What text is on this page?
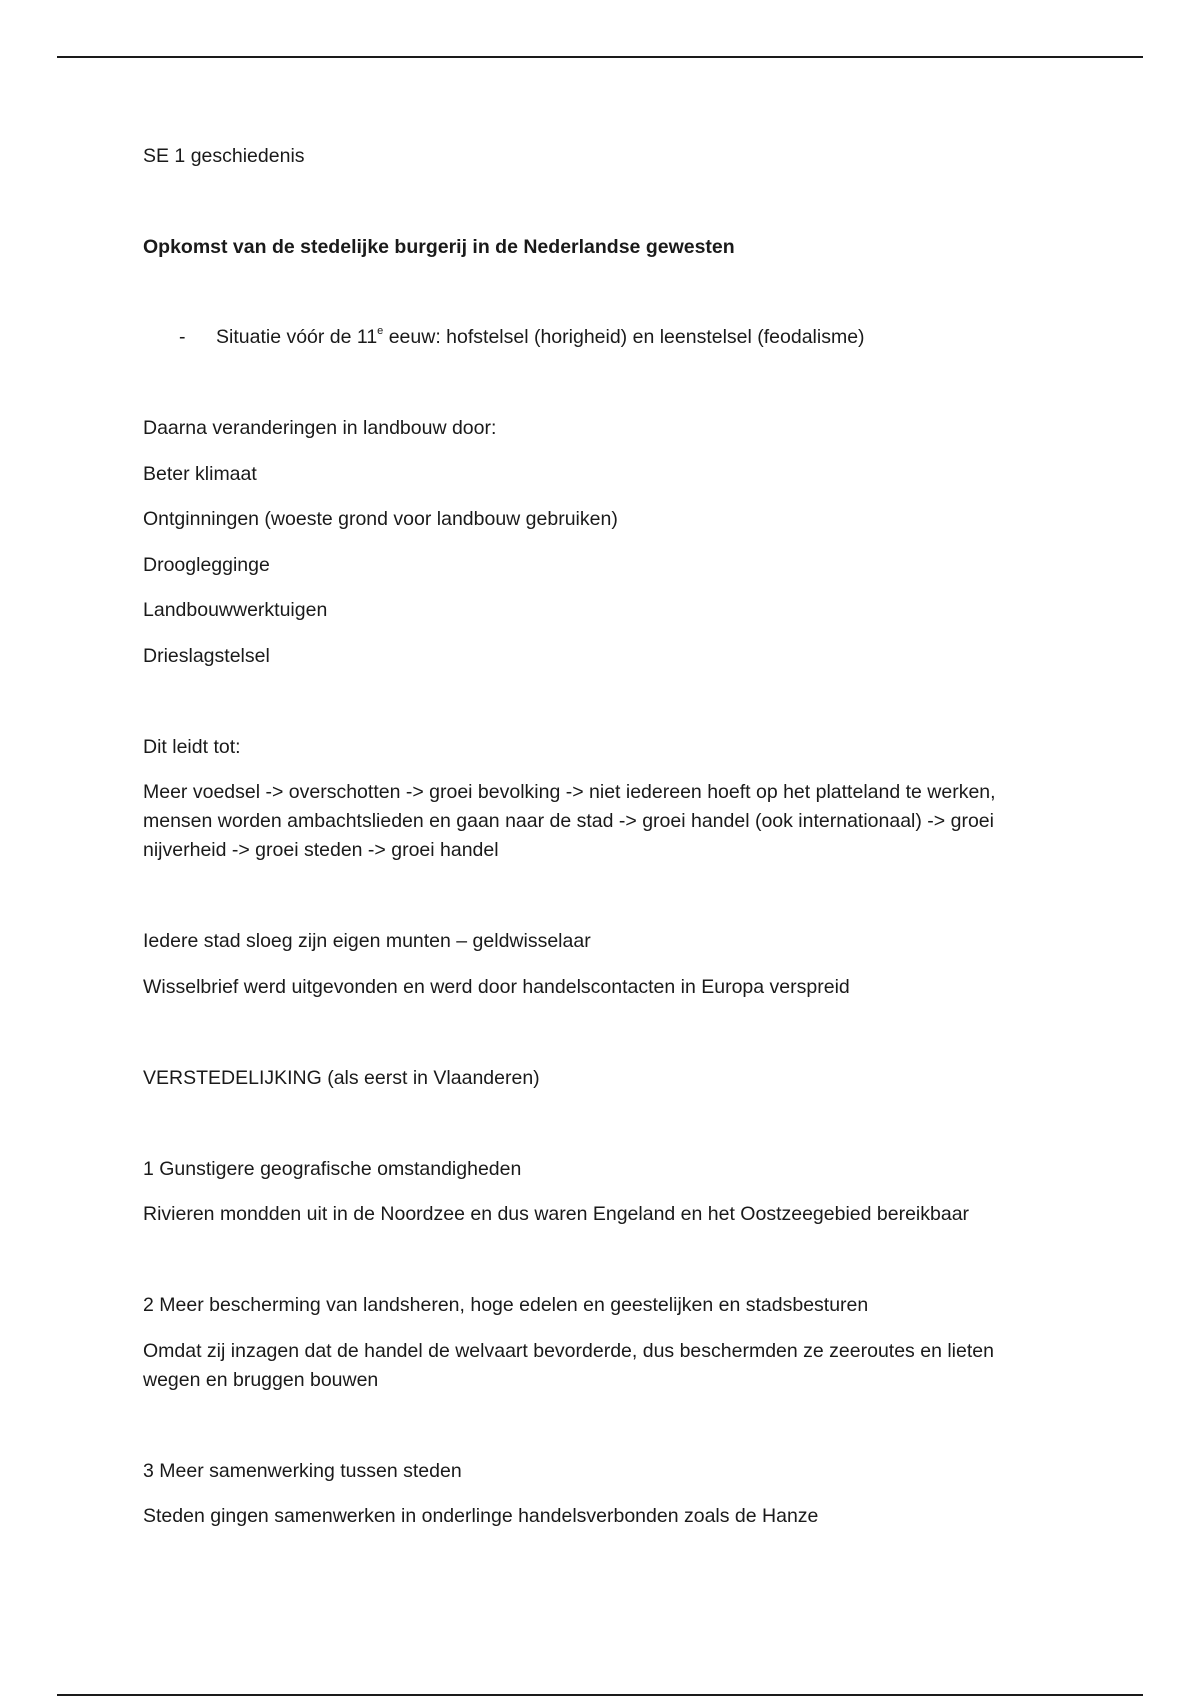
SE 1 geschiedenis
Opkomst van de stedelijke burgerij in de Nederlandse gewesten
- Situatie vóór de 11e eeuw: hofstelsel (horigheid) en leenstelsel (feodalisme)
Daarna veranderingen in landbouw door:
Beter klimaat
Ontginningen (woeste grond voor landbouw gebruiken)
Drooglegginge
Landbouwwerktuigen
Drieslagstelsel
Dit leidt tot:
Meer voedsel -> overschotten -> groei bevolking -> niet iedereen hoeft op het platteland te werken,
mensen worden ambachtslieden en gaan naar de stad -> groei handel (ook internationaal) -> groei
nijverheid -> groei steden -> groei handel
Iedere stad sloeg zijn eigen munten – geldwisselaar
Wisselbrief werd uitgevonden en werd door handelscontacten in Europa verspreid
VERSTEDELIJKING (als eerst in Vlaanderen)
1 Gunstigere geografische omstandigheden
Rivieren mondden uit in de Noordzee en dus waren Engeland en het Oostzeegebied bereikbaar
2 Meer bescherming van landsheren, hoge edelen en geestelijken en stadsbesturen
Omdat zij inzagen dat de handel de welvaart bevorderde, dus beschermden ze zeeroutes en lieten
wegen en bruggen bouwen
3 Meer samenwerking tussen steden
Steden gingen samenwerken in onderlinge handelsverbonden zoals de Hanze
